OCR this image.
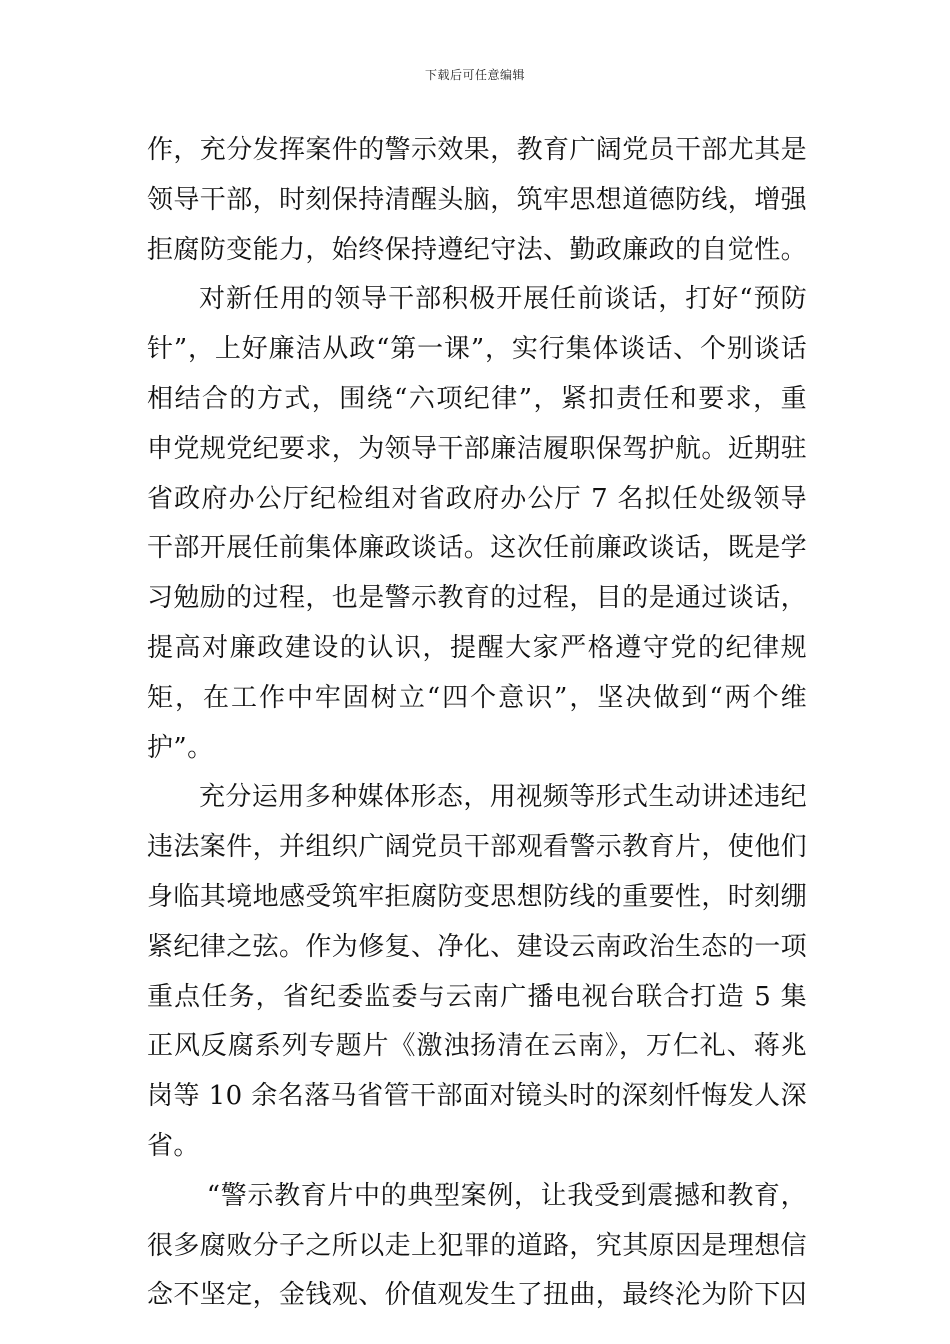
下载后可任意编辑

作，充分发挥案件的警示效果，教育广阔党员干部尤其是领导干部，时刻保持清醒头脑，筑牢思想道德防线，增强拒腐防变能力，始终保持遵纪守法、勤政廉政的自觉性。

对新任用的领导干部积极开展任前谈话，打好“预防针”，上好廉洁从政“第一课”，实行集体谈话、个别谈话相结合的方式，围绕“六项纪律”，紧扣责任和要求，重申党规党纪要求，为领导干部廉洁履职保驾护航。近期驻省政府办公厅纪检组对省政府办公厅 7 名拟任处级领导干部开展任前集体廉政谈话。这次任前廉政谈话，既是学习勉励的过程，也是警示教育的过程，目的是通过谈话，提高对廉政建设的认识，提醒大家严格遵守党的纪律规矩，在工作中牢固树立“四个意识”，坚决做到“两个维护”。

充分运用多种媒体形态，用视频等形式生动讲述违纪违法案件，并组织广阔党员干部观看警示教育片，使他们身临其境地感受筑牢拒腐防变思想防线的重要性，时刻绷紧纪律之弦。作为修复、净化、建设云南政治生态的一项重点任务，省纪委监委与云南广播电视台联合打造 5 集正风反腐系列专题片《激浊扬清在云南》，万仁礼、蒋兆岗等 10 余名落马省管干部面对镜头时的深刻忏悔发人深省。

“警示教育片中的典型案例，让我受到震撼和教育，很多腐败分子之所以走上犯罪的道路，究其原因是理想信念不坚定，金钱观、价值观发生了扭曲，最终沦为阶下囚
